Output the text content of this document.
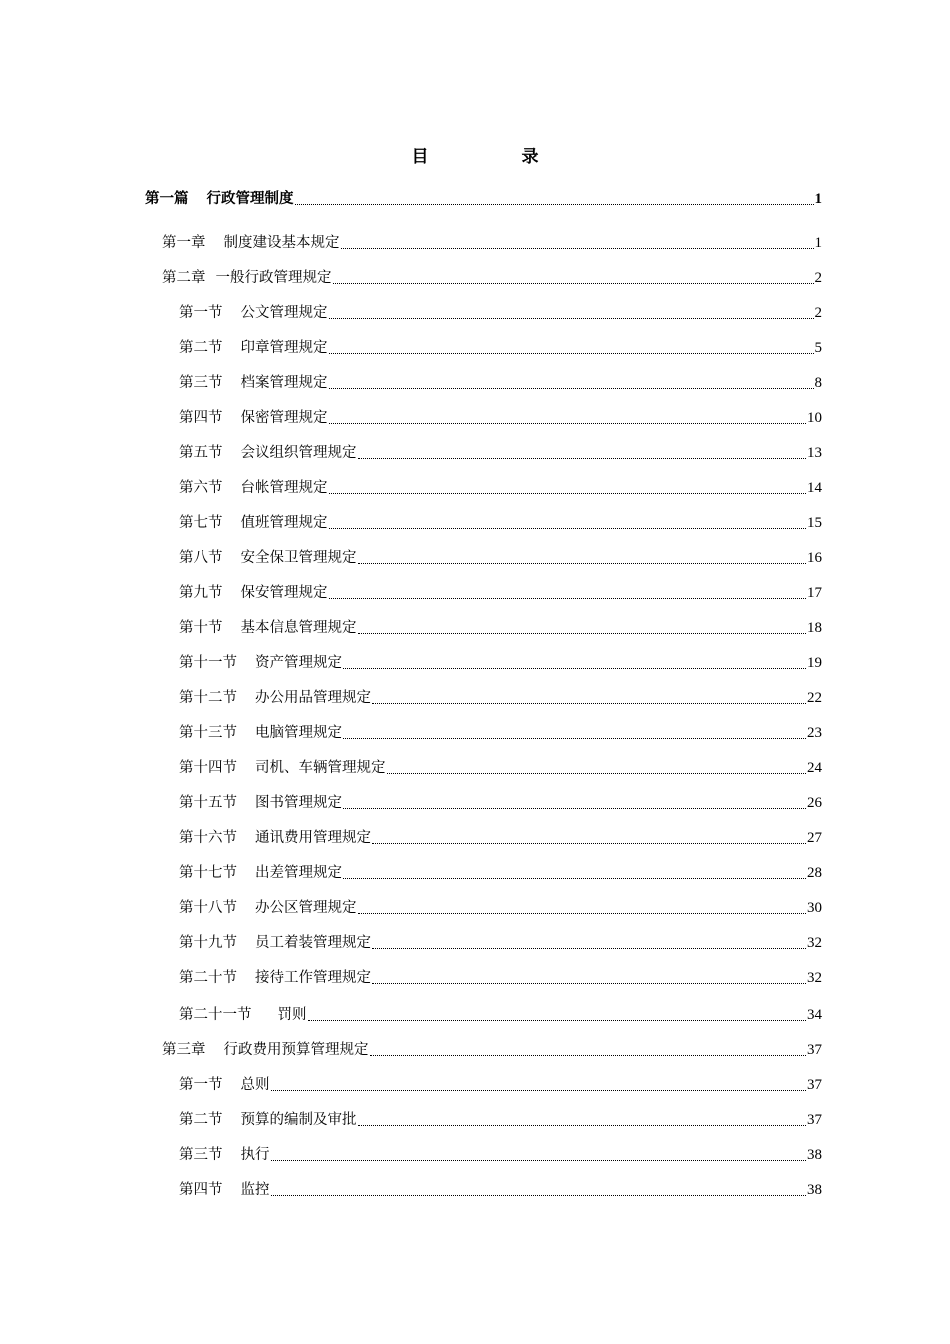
目　录
第一篇 行政管理制度	1
第一章 制度建设基本规定	1
第二章 一般行政管理规定	2
第一节 公文管理规定	2
第二节 印章管理规定	5
第三节 档案管理规定	8
第四节 保密管理规定	10
第五节 会议组织管理规定	13
第六节 台帐管理规定	14
第七节 值班管理规定	15
第八节 安全保卫管理规定	16
第九节 保安管理规定	17
第十节 基本信息管理规定	18
第十一节 资产管理规定	19
第十二节 办公用品管理规定	22
第十三节 电脑管理规定	23
第十四节 司机、车辆管理规定	24
第十五节 图书管理规定	26
第十六节 通讯费用管理规定	27
第十七节 出差管理规定	28
第十八节 办公区管理规定	30
第十九节 员工着装管理规定	32
第二十节 接待工作管理规定	32
第二十一节 罚则	34
第三章 行政费用预算管理规定	37
第一节 总则	37
第二节 预算的编制及审批	37
第三节 执行	38
第四节 监控	38
